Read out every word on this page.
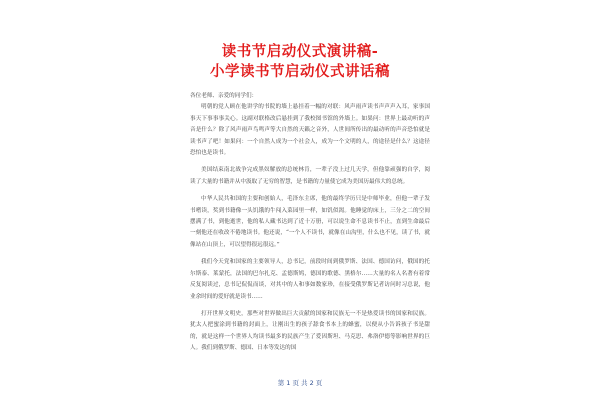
读书节启动仪式演讲稿-
小学读书节启动仪式讲话稿

各位老师、亲爱的同学们：

明朝的党人顾在他讲学的书院的墙上悬挂着一幅的对联：风声雨声读书声声声入耳，家事国事天下事事事关心。这副对联格改后悬挂到了我校图书馆的外墙上。如果问：世界上最动听的声音是什么？除了风声雨声鸟鸣声等大自然的天籁之音外，人世间所传出的最动听的声音恐怕就是读书声了吧！如果问：一个自然人成为一个社会人，成为一个文明的人，的途径是什么？这途径恐怕也是读书。

美国结束南北战争完成黑奴解放的总统林肯，一辈子没上过几天学，但他靠顽强的自学，阅读了大量的书籍并从中汲取了无穷的智慧，是书籍的力量使它成为美国历最伟大的总统。

中华人民共和国的主要和创始人，毛泽东主席，他的最终学历只是中师毕业，但他一辈子发书嗜读，奖到书籍像一头饥饿的牛闯入菜园里一样，如饥似渴。他睡觉的床上，三分之二的空间摆满了书，到他逝世，他的私人藏书达到了近十万册，可以说生命不息读书不止，直到生命最后一刻他还在收改不倦地读书。他还说，“一个人不读书，就像在山沟里，什么也不见，读了书，就像站在山顶上，可以望得很远很远。”

我们今天党和国家的主要领导人，总书记，前段时间到俄罗斯、法国、德国访问，俄国的托尔斯泰、莱蒙托，法国的巴尔扎克、孟德斯鸠，德国的歌德、黑格尔……大量的名人名著有着常反复阅读过，总书记侃侃而谈，对其中的人和事如数家珍，在接受俄罗斯记者访问时习总说，他业余时间的爱好就是读书……

打开世界文明史，那些对世界做出巨大贡献的国家和民族无一不是热爱读书的国家和民族。犹太人把蜜涂到书籍的封面上，让刚出生的孩子舔食书本上的蜂蜜，以便从小告诉孩子书是甜的，就是这样一个世界人均读书最多的民族产生了爱因斯坦、马克思、弗洛伊德等影响世界的巨人。我们到俄罗斯、德国、日本等发达的国

第 1 页 共 2 页
